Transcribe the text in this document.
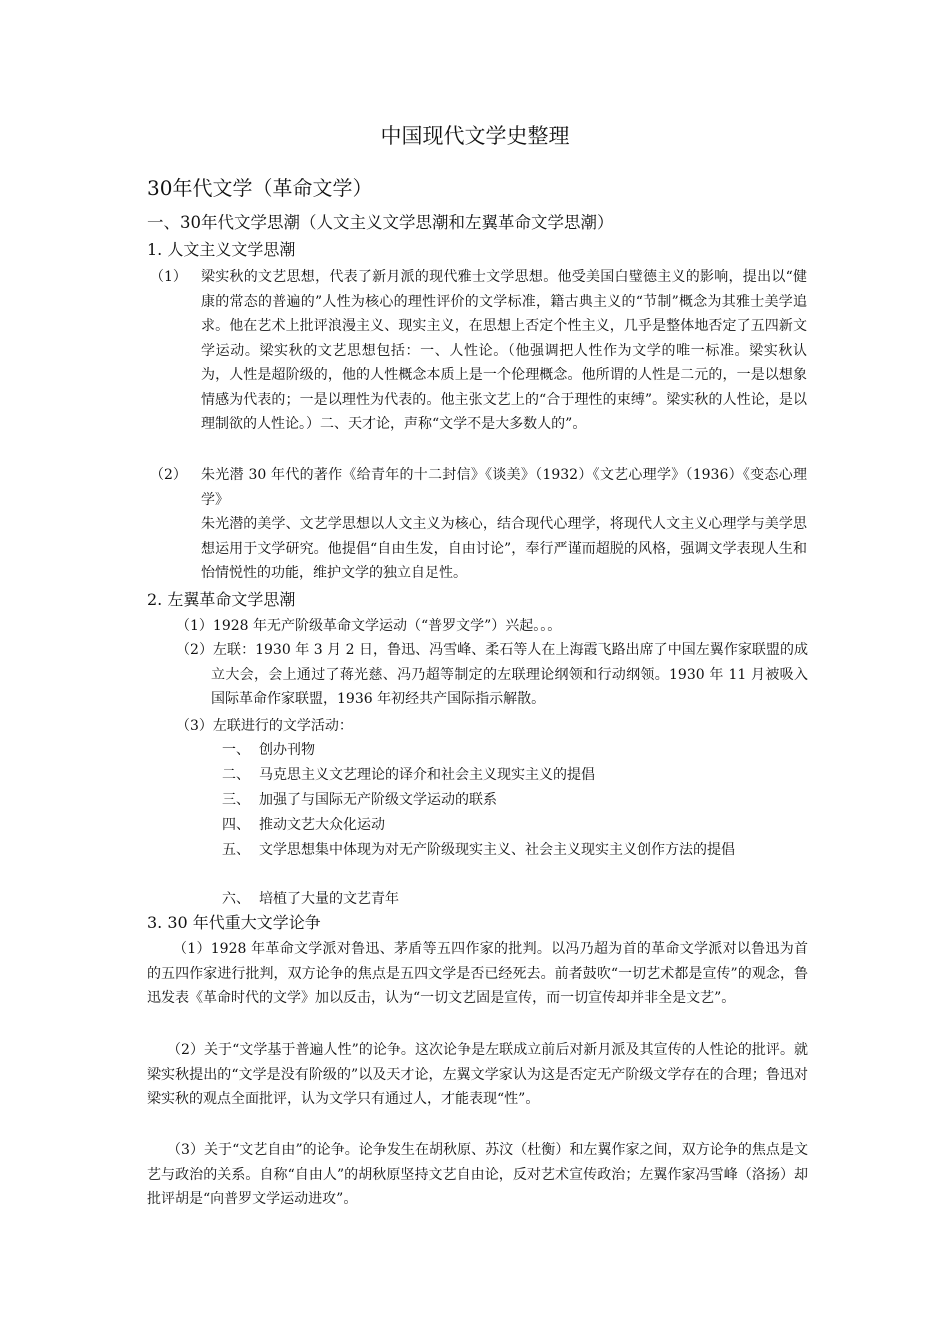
中国现代文学史整理
30年代文学（革命文学）
一、30年代文学思潮（人文主义文学思潮和左翼革命文学思潮）
1. 人文主义文学思潮
（1） 梁实秋的文艺思想，代表了新月派的现代雅士文学思想。他受美国白璧德主义的影响，提出以“健康的常态的普遍的”人性为核心的理性评价的文学标准，籍古典主义的“节制”概念为其雅士美学追求。他在艺术上批评浪漫主义、现实主义，在思想上否定个性主义，几乎是整体地否定了五四新文学运动。梁实秋的文艺思想包括：一、人性论。（他强调把人性作为文学的唯一标准。梁实秋认为，人性是超阶级的，他的人性概念本质上是一个伦理概念。他所谓的人性是二元的，一是以想象情感为代表的；一是以理性为代表的。他主张文艺上的“合于理性的束缚”。梁实秋的人性论，是以理制欲的人性论。）二、天才论，声称“文学不是大多数人的”。
（2） 朱光潜 30 年代的著作《给青年的十二封信》《谈美》（1932）《文艺心理学》（1936）《变态心理学》
朱光潜的美学、文艺学思想以人文主义为核心，结合现代心理学，将现代人文主义心理学与美学思想运用于文学研究。他提倡“自由生发，自由讨论”，奉行严谨而超脱的风格，强调文学表现人生和怡情悦性的功能，维护文学的独立自足性。
2. 左翼革命文学思潮
（1）1928 年无产阶级革命文学运动（“普罗文学”）兴起。。。
（2）左联：1930 年 3 月 2 日，鲁迅、冯雪峰、柔石等人在上海霞飞路出席了中国左翼作家联盟的成立大会，会上通过了蒋光慈、冯乃超等制定的左联理论纲领和行动纲领。1930 年 11 月被吸入国际革命作家联盟，1936 年初经共产国际指示解散。
（3）左联进行的文学活动：
一、 创办刊物
二、 马克思主义文艺理论的译介和社会主义现实主义的提倡
三、 加强了与国际无产阶级文学运动的联系
四、 推动文艺大众化运动
五、 文学思想集中体现为对无产阶级现实主义、社会主义现实主义创作方法的提倡
六、 培植了大量的文艺青年
3. 30 年代重大文学论争
（1）1928 年革命文学派对鲁迅、茅盾等五四作家的批判。以冯乃超为首的革命文学派对以鲁迅为首的五四作家进行批判，双方论争的焦点是五四文学是否已经死去。前者鼓吹“一切艺术都是宣传”的观念，鲁迅发表《革命时代的文学》加以反击，认为“一切文艺固是宣传，而一切宣传却并非全是文艺”。
（2）关于“文学基于普遍人性”的论争。这次论争是左联成立前后对新月派及其宣传的人性论的批评。就梁实秋提出的“文学是没有阶级的”以及天才论，左翼文学家认为这是否定无产阶级文学存在的合理；鲁迅对梁实秋的观点全面批评，认为文学只有通过人，才能表现“性”。
（3）关于“文艺自由”的论争。论争发生在胡秋原、苏汶（杜衡）和左翼作家之间，双方论争的焦点是文艺与政治的关系。自称“自由人”的胡秋原坚持文艺自由论，反对艺术宣传政治；左翼作家冯雪峰（洛扬）却批评胡是“向普罗文学运动进攻”。
